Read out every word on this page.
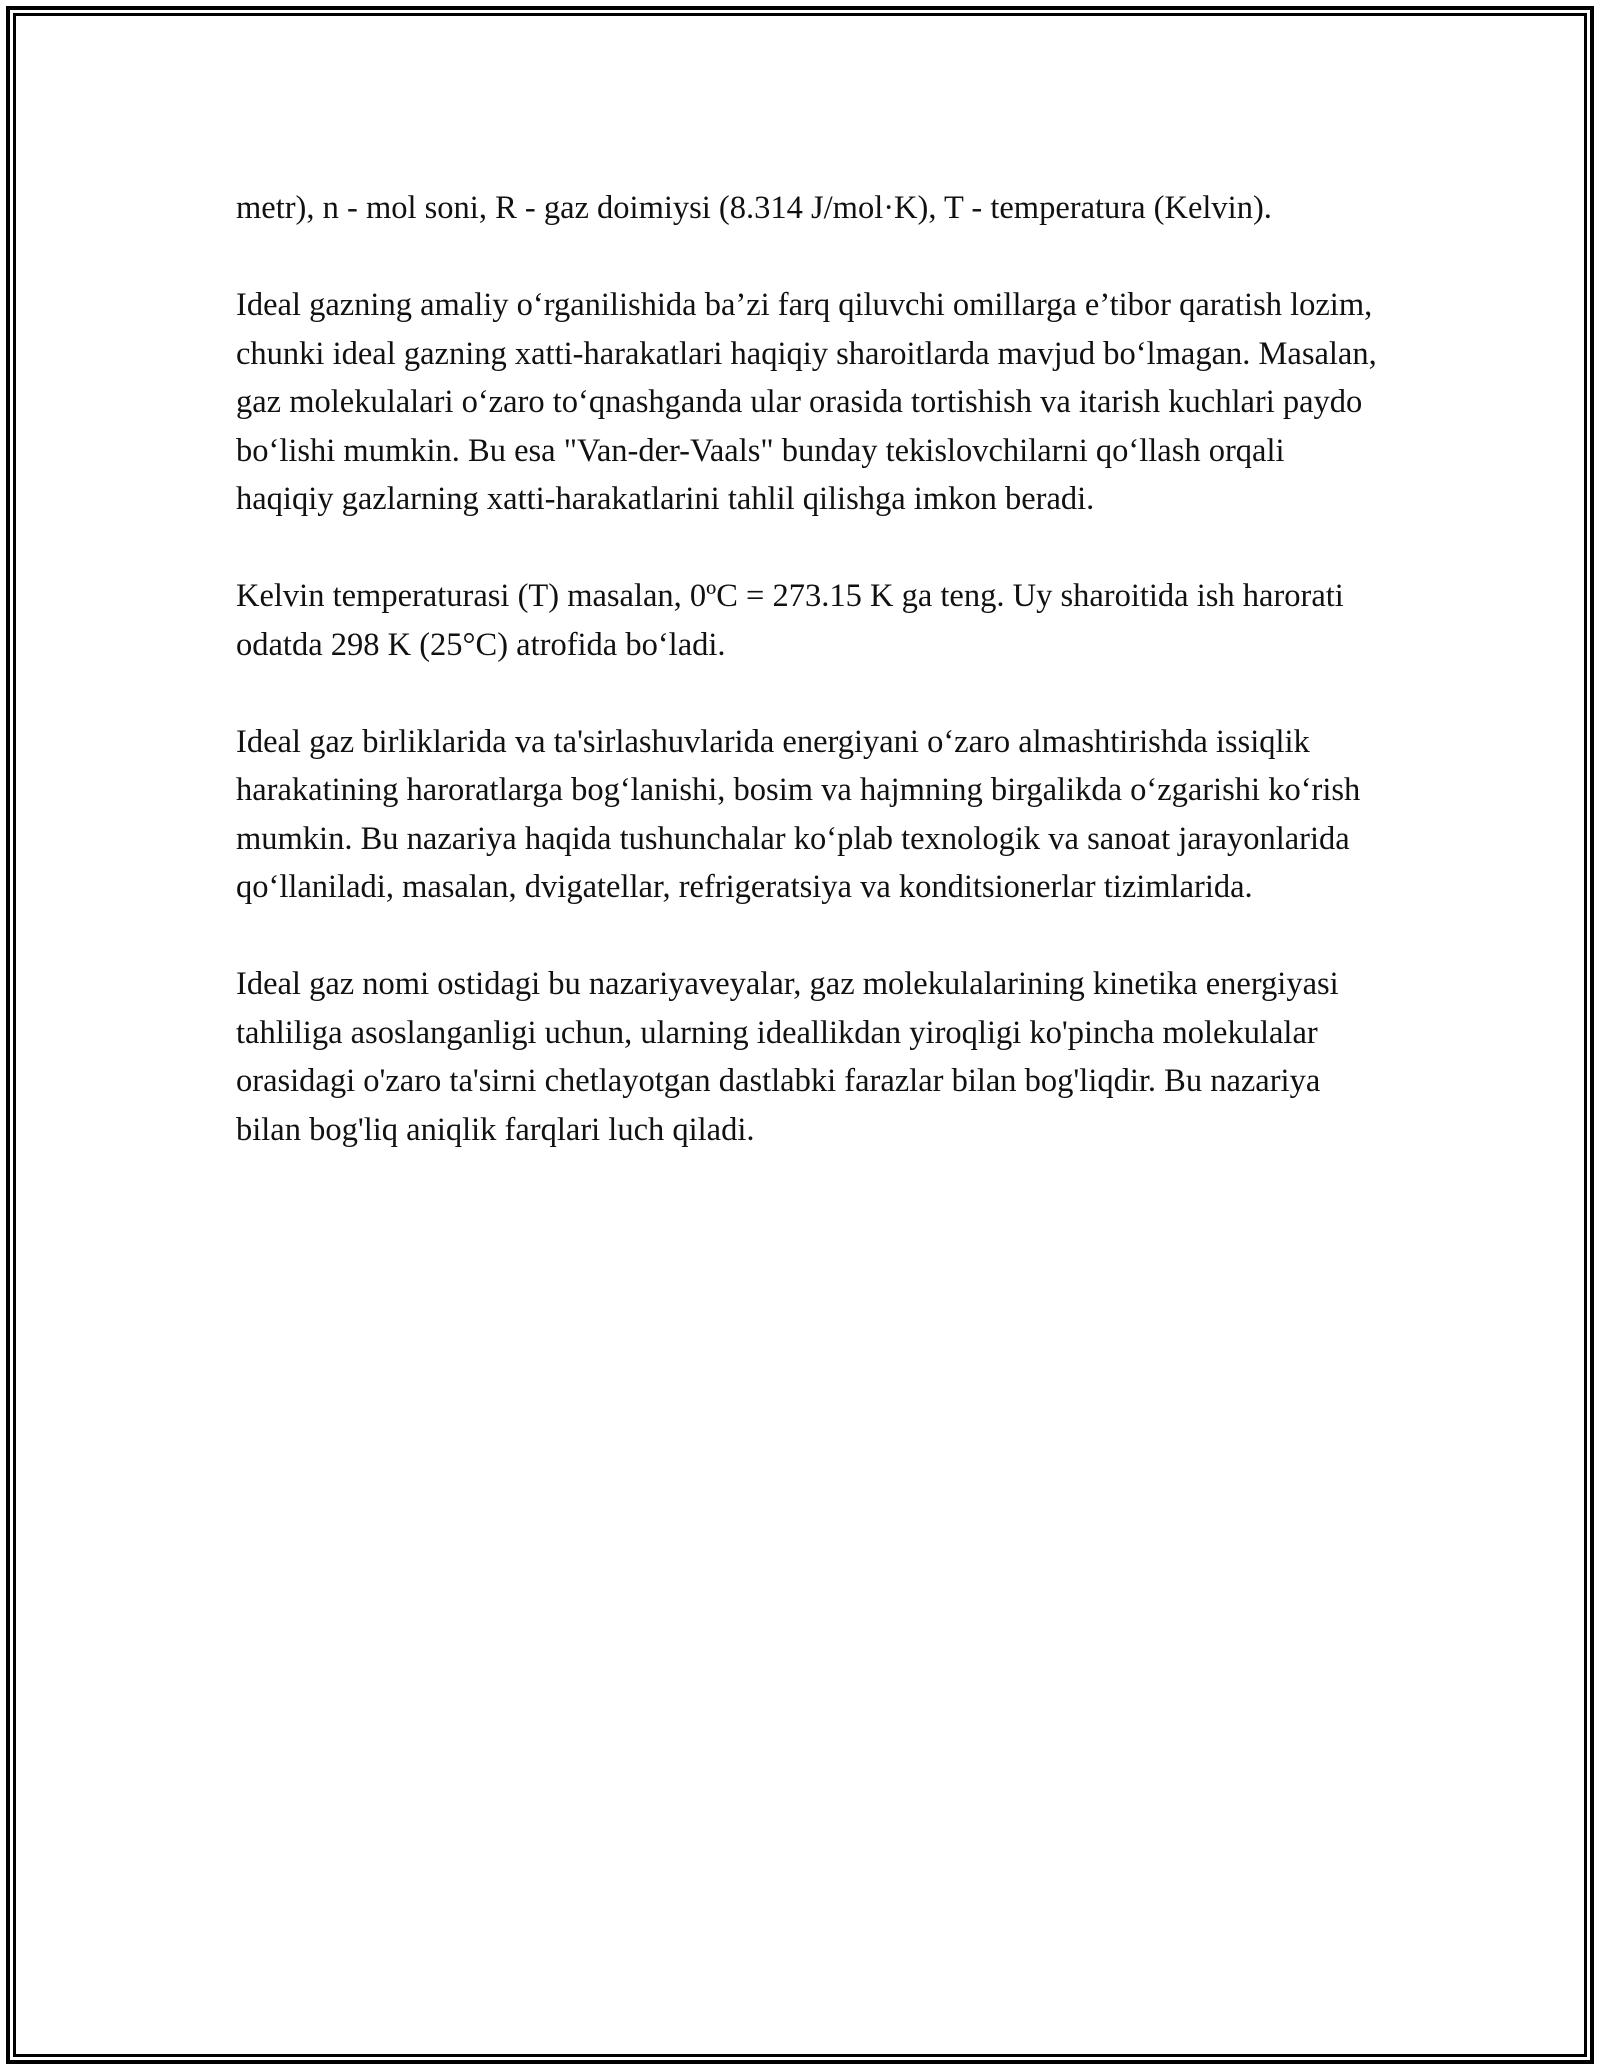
metr), n - mol soni, R - gaz doimiysi (8.314 J/mol·K), T - temperatura (Kelvin).

Ideal gazning amaliy o‘rganilishida ba’zi farq qiluvchi omillarga e’tibor qaratish lozim, chunki ideal gazning xatti-harakatlari haqiqiy sharoitlarda mavjud bo‘lmagan. Masalan, gaz molekulalari o‘zaro to‘qnashganda ular orasida tortishish va itarish kuchlari paydo bo‘lishi mumkin. Bu esa "Van-der-Vaals" bunday tekislovchilarni qo‘llash orqali haqiqiy gazlarning xatti-harakatlarini tahlil qilishga imkon beradi.

Kelvin temperaturasi (T) masalan, 0ºC = 273.15 K ga teng. Uy sharoitida ish harorati odatda 298 K (25°C) atrofida bo‘ladi.

Ideal gaz birliklarida va ta'sirlashuvlarida energiyani o‘zaro almashtirishda issiqlik harakatining haroratlarga bog‘lanishi, bosim va hajmning birgalikda o‘zgarishi ko‘rish mumkin. Bu nazariya haqida tushunchalar ko‘plab texnologik va sanoat jarayonlarida qo‘llaniladi, masalan, dvigatellar, refrigeratsiya va konditsionerlar tizimlarida.

Ideal gaz nomi ostidagi bu nazariyaveyalar, gaz molekulalarining kinetika energiyasi tahliliga asoslanganligi uchun, ularning ideallikdan yiroqligi ko'pincha molekulalar orasidagi o'zaro ta'sirni chetlayotgan dastlabki farazlar bilan bog'liqdir. Bu nazariya bilan bog'liq aniqlik farqlari luch qiladi.
